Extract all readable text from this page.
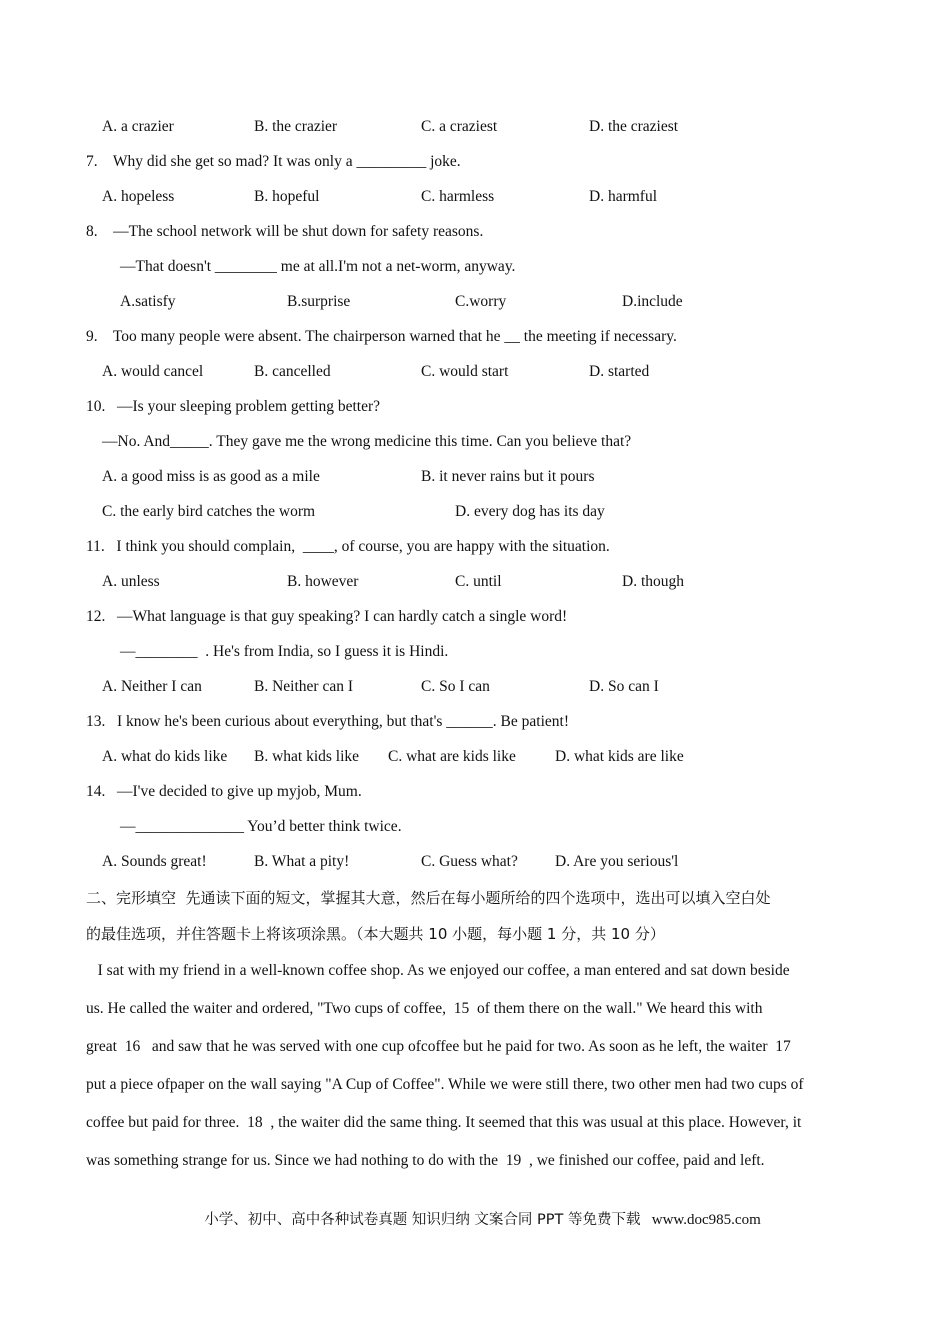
A. a crazier	B. the crazier	C. a craziest	D. the craziest
7.    Why did she get so mad? It was only a _________ joke.
A. hopeless	B. hopeful	C. harmless	D. harmful
8.    —The school network will be shut down for safety reasons.
—That doesn't ________ me at all.I'm not a net-worm, anyway.
A.satisfy	B.surprise	C.worry	D.include
9.    Too many people were absent. The chairperson warned that he __ the meeting if necessary.
A. would cancel	B. cancelled	C. would start	D. started
10.   —Is your sleeping problem getting better?
—No. And_____. They gave me the wrong medicine this time. Can you believe that?
A. a good miss is as good as a mile	B. it never rains but it pours
C. the early bird catches the worm	D. every dog has its day
11.   I think you should complain,  ____, of course, you are happy with the situation.
A. unless	B. however	C. until	D. though
12.   —What language is that guy speaking? I can hardly catch a single word!
—________  . He's from India, so I guess it is Hindi.
A. Neither I can	B. Neither can I	C. So I can	D. So can I
13.   I know he's been curious about everything, but that's ______. Be patient!
A. what do kids like B. what kids like C. what are kids like	D. what kids are like
14.   —I've decided to give up myjob, Mum.
—______________ You’d better think twice.
A. Sounds great!	B. What a pity!	C. Guess what? D. Are you serious'l
二、完形填空  先通读下面的短文，掌握其大意，然后在每小题所给的四个选项中，选出可以填入空白处
的最佳选项，并住答题卡上将该项涂黑。（本大题共 10 小题，每小题 1 分，共 10 分）
I sat with my friend in a well-known coffee shop. As we enjoyed our coffee, a man entered and sat down beside
us. He called the waiter and ordered, "Two cups of coffee,  15  of them there on the wall." We heard this with
great  16   and saw that he was served with one cup ofcoffee but he paid for two. As soon as he left, the waiter  17
put a piece ofpaper on the wall saying "A Cup of Coffee". While we were still there, two other men had two cups of
coffee but paid for three.  18  , the waiter did the same thing. It seemed that this was usual at this place. However, it
was something strange for us. Since we had nothing to do with the  19  , we finished our coffee, paid and left.

小学、初中、高中各种试卷真题 知识归纳 文案合同 PPT 等免费下载 www.doc985.com
